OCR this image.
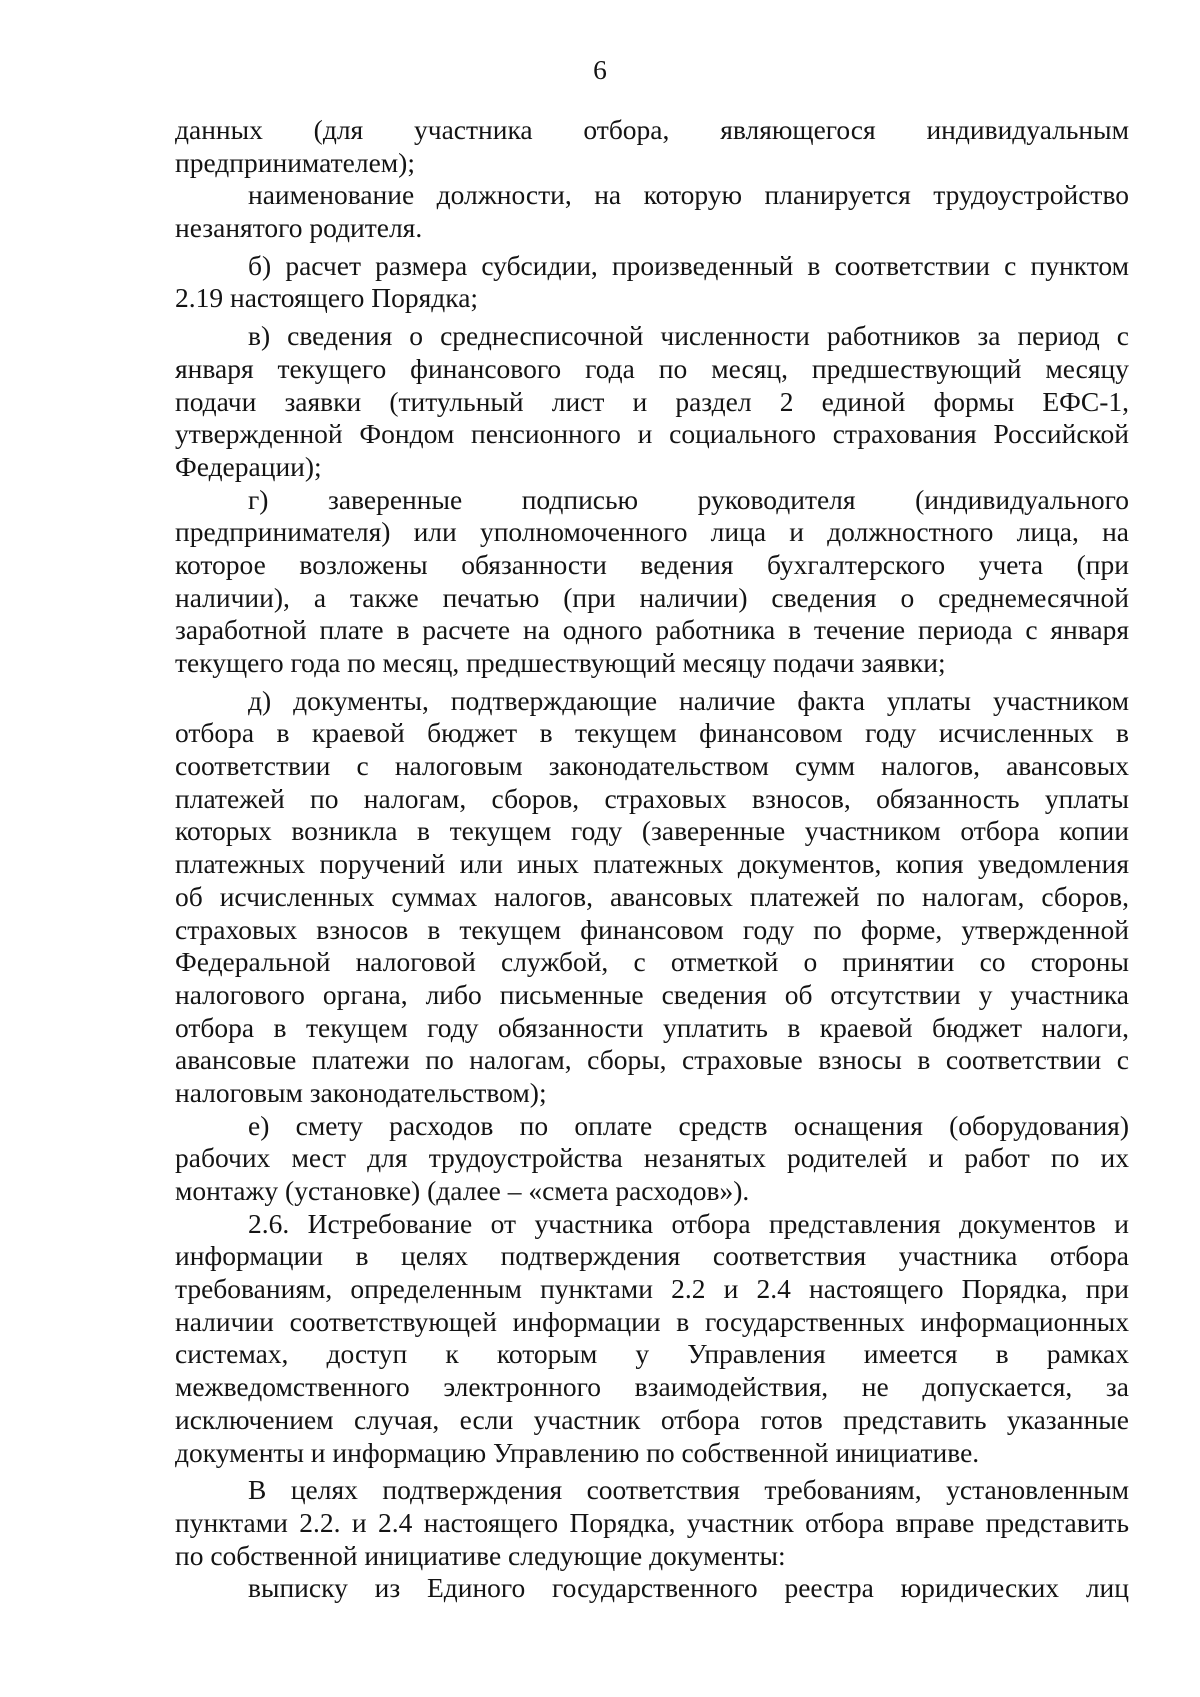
6
данных (для участника отбора, являющегося индивидуальным
предпринимателем);
наименование должности, на которую планируется трудоустройство
незанятого родителя.
б) расчет размера субсидии, произведенный в соответствии с пунктом
2.19 настоящего Порядка;
в) сведения о среднесписочной численности работников за период с
января текущего финансового года по месяц, предшествующий месяцу
подачи заявки (титульный лист и раздел 2 единой формы ЕФС-1,
утвержденной Фондом пенсионного и социального страхования Российской
Федерации);
г) заверенные подписью руководителя (индивидуального
предпринимателя) или уполномоченного лица и должностного лица, на
которое возложены обязанности ведения бухгалтерского учета (при
наличии), а также печатью (при наличии) сведения о среднемесячной
заработной плате в расчете на одного работника в течение периода с января
текущего года по месяц, предшествующий месяцу подачи заявки;
д) документы, подтверждающие наличие факта уплаты участником
отбора в краевой бюджет в текущем финансовом году исчисленных в
соответствии с налоговым законодательством сумм налогов, авансовых
платежей по налогам, сборов, страховых взносов, обязанность уплаты
которых возникла в текущем году (заверенные участником отбора копии
платежных поручений или иных платежных документов, копия уведомления
об исчисленных суммах налогов, авансовых платежей по налогам, сборов,
страховых взносов в текущем финансовом году по форме, утвержденной
Федеральной налоговой службой, с отметкой о принятии со стороны
налогового органа, либо письменные сведения об отсутствии у участника
отбора в текущем году обязанности уплатить в краевой бюджет налоги,
авансовые платежи по налогам, сборы, страховые взносы в соответствии с
налоговым законодательством);
е) смету расходов по оплате средств оснащения (оборудования)
рабочих мест для трудоустройства незанятых родителей и работ по их
монтажу (установке) (далее – «смета расходов»).
2.6. Истребование от участника отбора представления документов и
информации в целях подтверждения соответствия участника отбора
требованиям, определенным пунктами 2.2 и 2.4 настоящего Порядка, при
наличии соответствующей информации в государственных информационных
системах, доступ к которым у Управления имеется в рамках
межведомственного электронного взаимодействия, не допускается, за
исключением случая, если участник отбора готов представить указанные
документы и информацию Управлению по собственной инициативе.
В целях подтверждения соответствия требованиям, установленным
пунктами 2.2. и 2.4 настоящего Порядка, участник отбора вправе представить
по собственной инициативе следующие документы:
выписку из Единого государственного реестра юридических лиц
